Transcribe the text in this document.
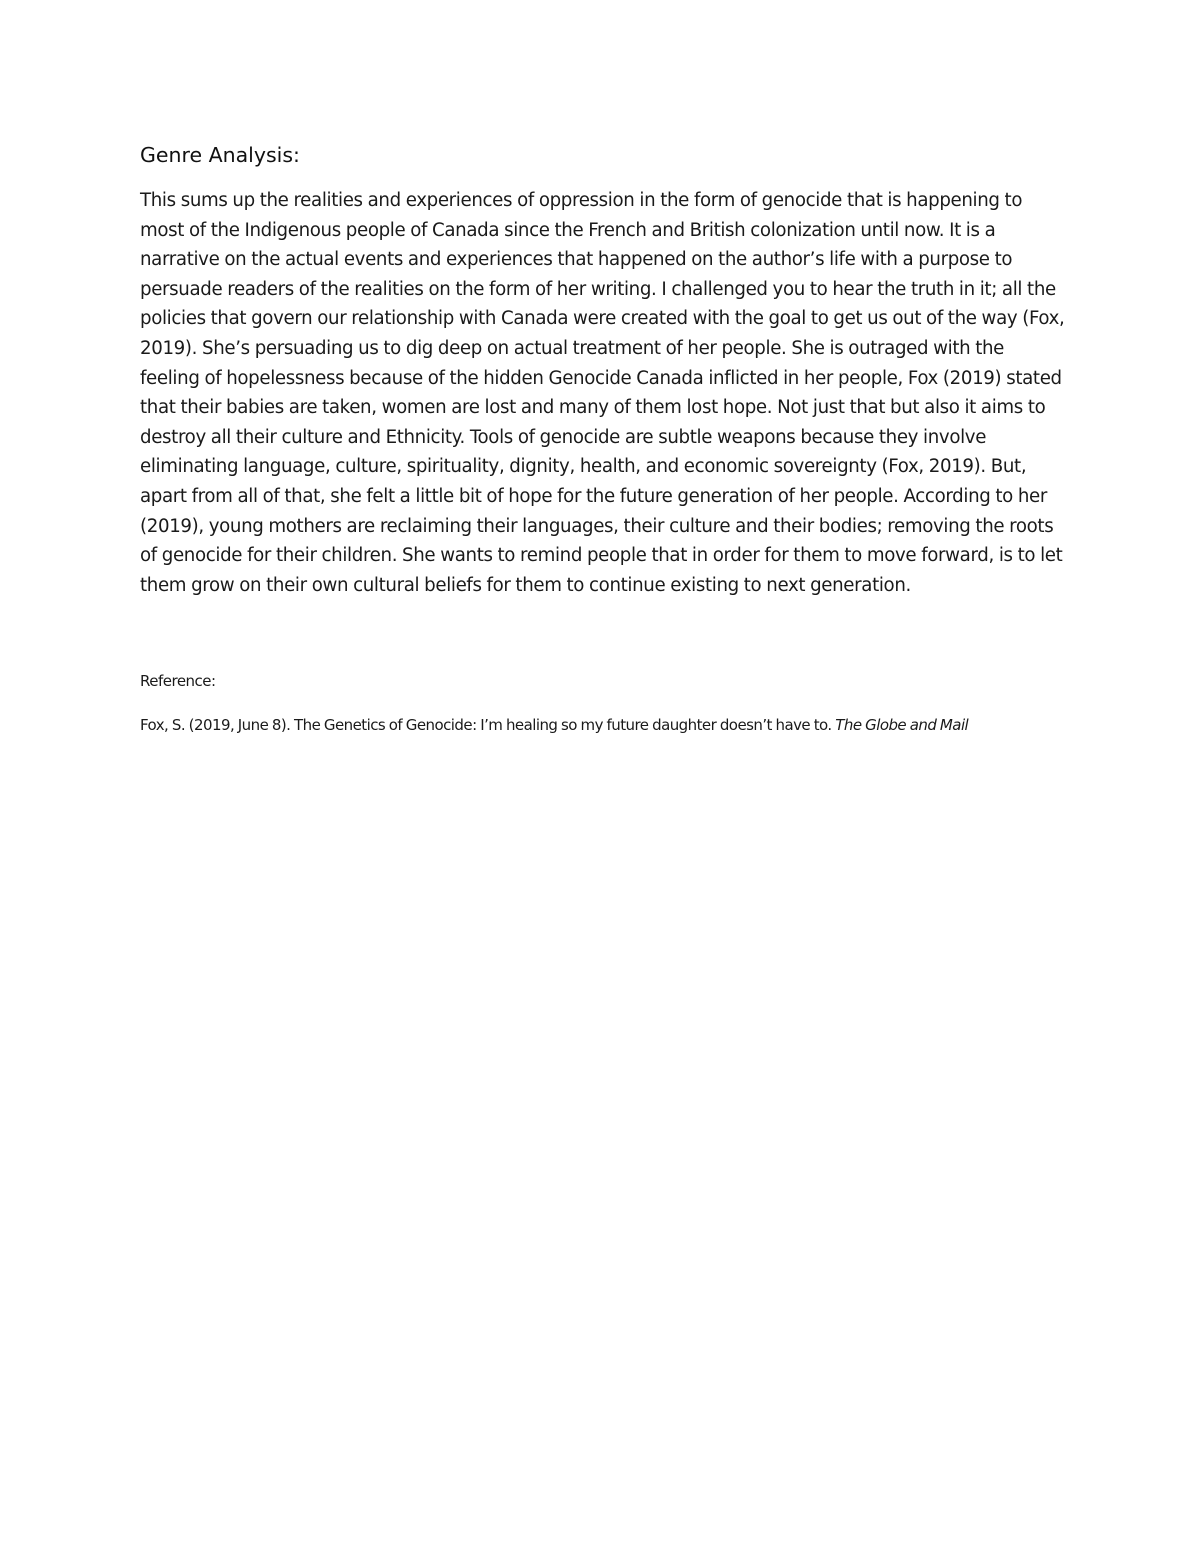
Genre Analysis:

This sums up the realities and experiences of oppression in the form of genocide that is happening to most of the Indigenous people of Canada since the French and British colonization until now. It is a narrative on the actual events and experiences that happened on the author’s life with a purpose to persuade readers of the realities on the form of her writing. I challenged you to hear the truth in it; all the policies that govern our relationship with Canada were created with the goal to get us out of the way (Fox, 2019). She’s persuading us to dig deep on actual treatment of her people. She is outraged with the feeling of hopelessness because of the hidden Genocide Canada inflicted in her people, Fox (2019) stated that their babies are taken, women are lost and many of them lost hope. Not just that but also it aims to destroy all their culture and Ethnicity. Tools of genocide are subtle weapons because they involve eliminating language, culture, spirituality, dignity, health, and economic sovereignty (Fox, 2019). But, apart from all of that, she felt a little bit of hope for the future generation of her people. According to her (2019), young mothers are reclaiming their languages, their culture and their bodies; removing the roots of genocide for their children. She wants to remind people that in order for them to move forward, is to let them grow on their own cultural beliefs for them to continue existing to next generation.

Reference:

Fox, S. (2019, June 8). The Genetics of Genocide: I’m healing so my future daughter doesn’t have to. The Globe and Mail
